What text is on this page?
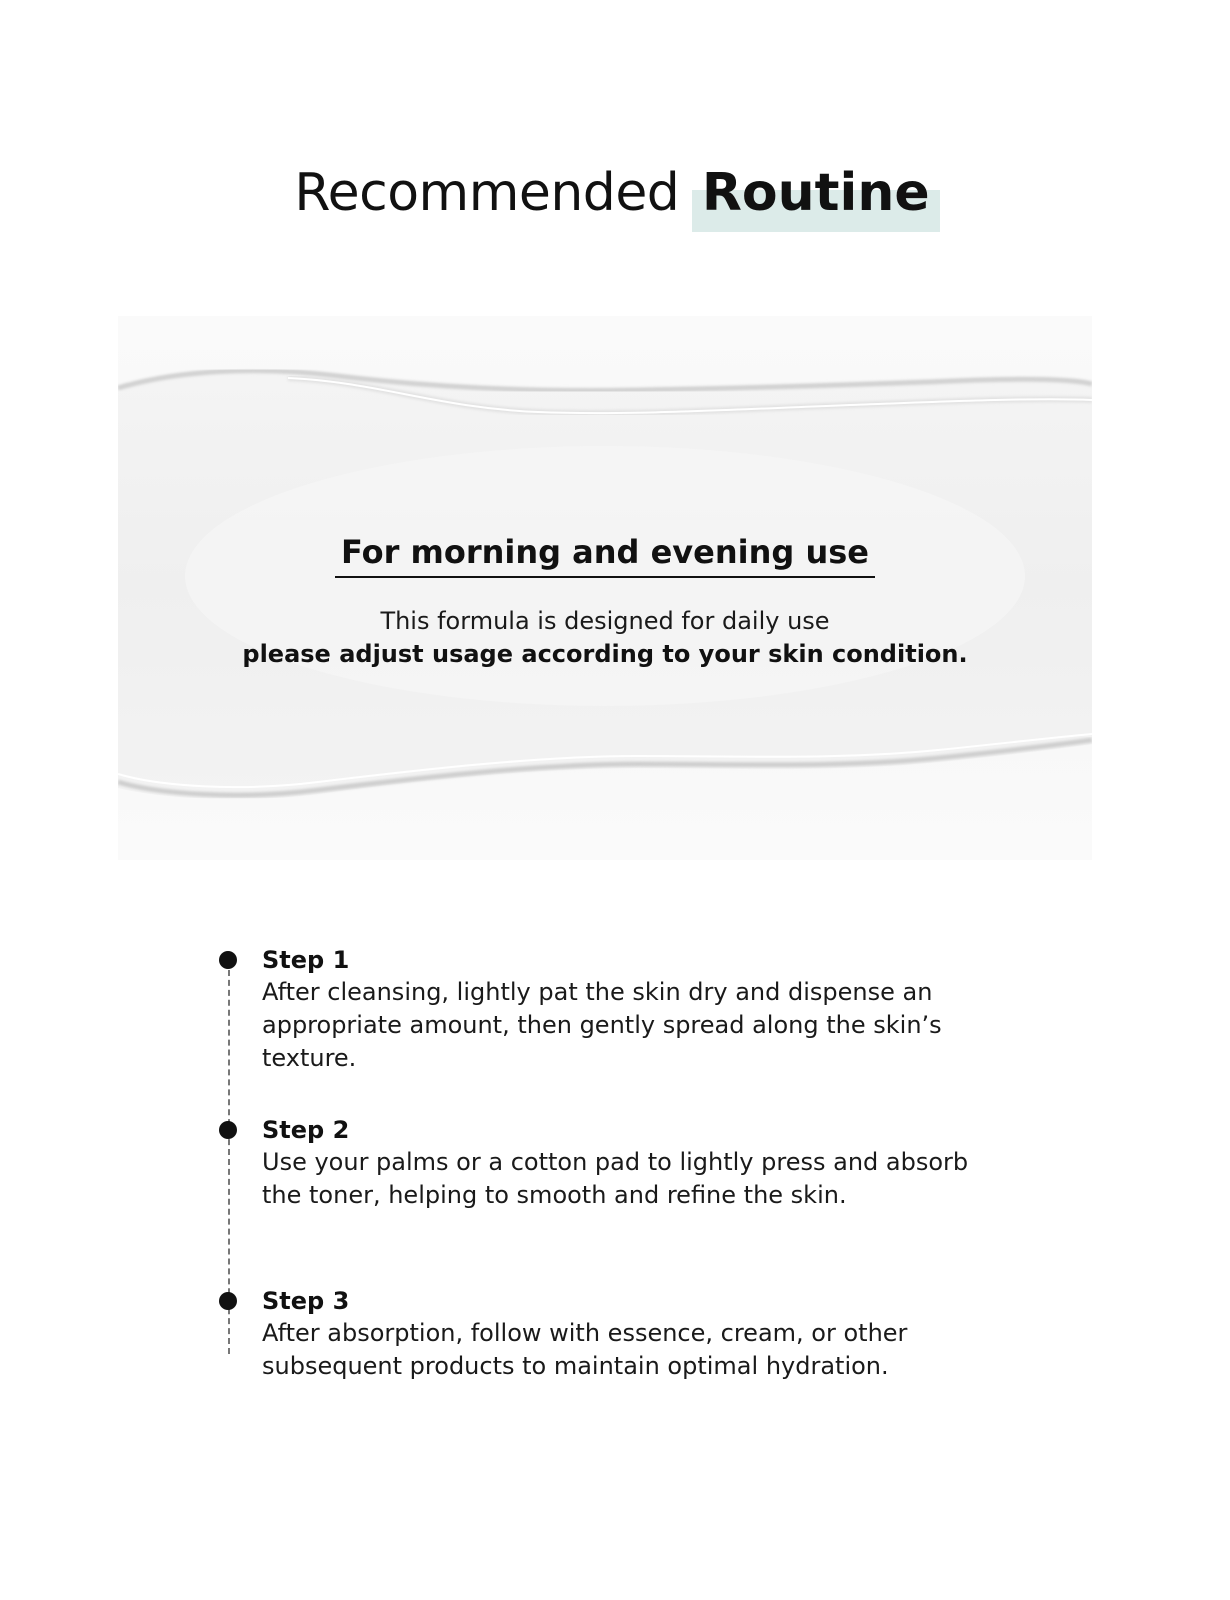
Recommended Routine
For morning and evening use
This formula is designed for daily use
please adjust usage according to your skin condition.
Step 1
After cleansing, lightly pat the skin dry and dispense an appropriate amount, then gently spread along the skin’s texture.
Step 2
Use your palms or a cotton pad to lightly press and absorb the toner, helping to smooth and refine the skin.
Step 3
After absorption, follow with essence, cream, or other subsequent products to maintain optimal hydration.
